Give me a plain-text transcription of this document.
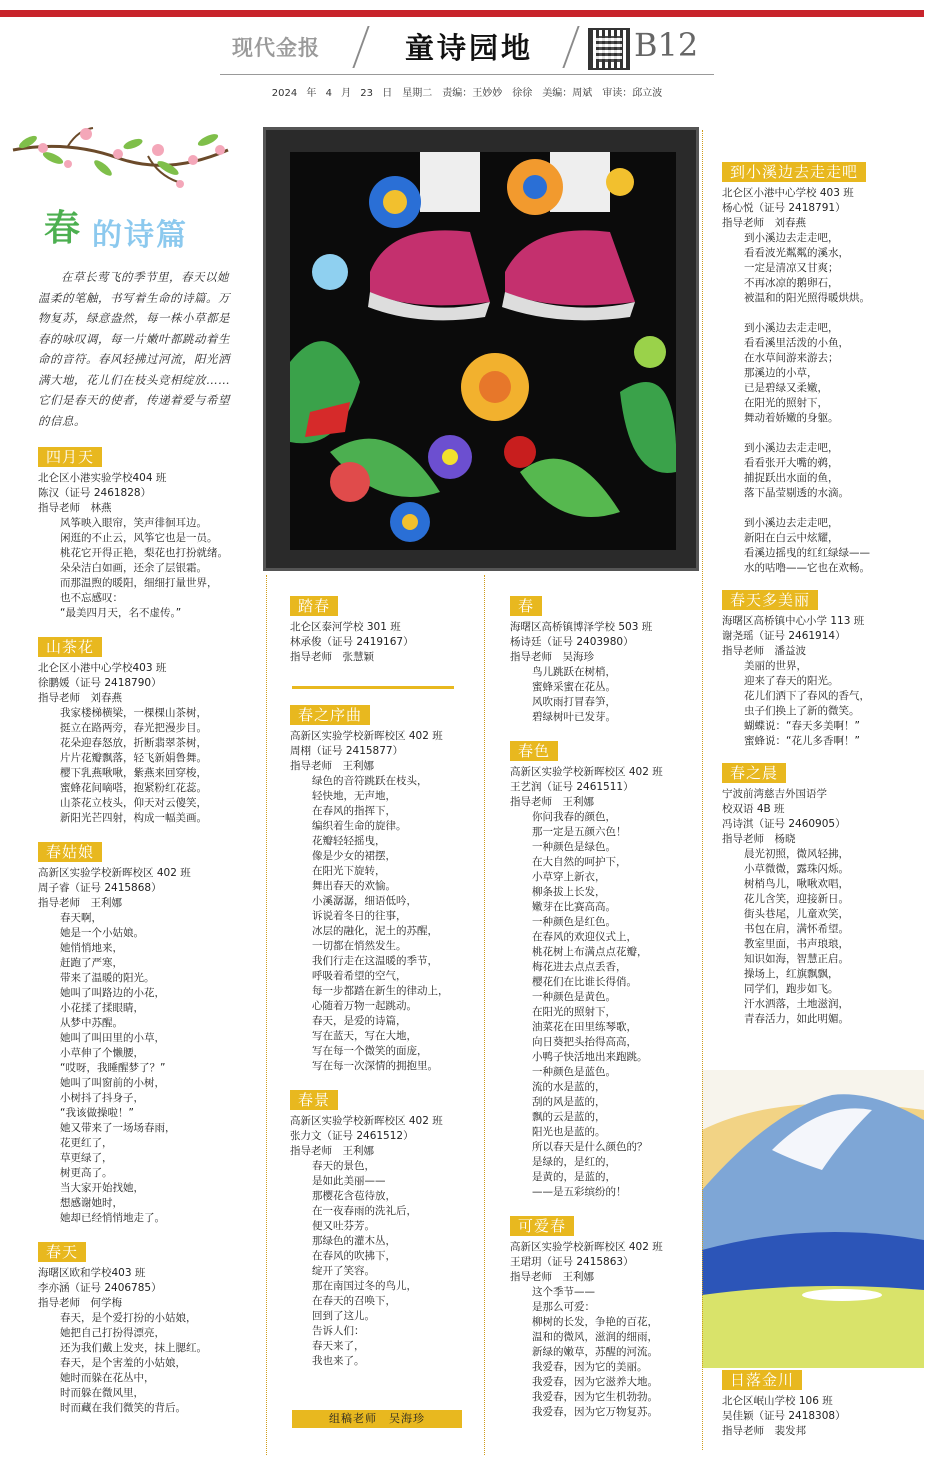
现代金报	童诗园地	B12
2024 年 4 月 23 日　星期二　责编：王妙妙　徐徐　美编：周斌　审读：邱立波
春 的诗篇
在草长莺飞的季节里，春天以她温柔的笔触，书写着生命的诗篇。万物复苏，绿意盎然，每一株小草都是春的咏叹调，每一片嫩叶都跳动着生命的音符。春风轻拂过河流，阳光洒满大地，花儿们在枝头竞相绽放……它们是春天的使者，传递着爱与希望的信息。
四月天
北仑区小港实验学校404 班
陈汉（证号 2461828）
指导老师　林燕
风筝映入眼帘，笑声徘徊耳边。
闲逛的不止云，风筝它也是一员。
桃花它开得正艳，梨花也打扮就绪。
朵朵洁白如画，还余了层银霜。
而那温煦的暖阳，细细打量世界，
也不忘感叹：
“最美四月天，名不虚传。”
山茶花
北仑区小港中心学校403 班
徐鹏媛（证号 2418790）
指导老师　刘春燕
我家楼梯横梁，一棵棵山茶树，
挺立在路两旁，春光把漫步目。
花朵迎春怒放，折断翡翠茶树，
片片花瓣飘落，轻飞新娟鲁舞。
樱下乳燕啾啾，紫燕来回穿梭，
蜜蜂花间嘀嗒，抱紧粉红花蕊。
山茶花立枝头，仰天对云傻笑，
新阳光芒四射，构成一幅美画。
春姑娘
高新区实验学校新晖校区 402 班
周子睿（证号 2415868）
指导老师　王利娜
春天啊，
她是一个小姑娘。
她悄悄地来，
赶跑了严寒，
带来了温暖的阳光。
她叫了叫路边的小花，
小花揉了揉眼睛，
从梦中苏醒。
她叫了叫田里的小草，
小草伸了个懒腰，
“哎呀，我睡醒梦了？”
她叫了叫窗前的小树，
小树抖了抖身子，
“我该做操啦！”
她又带来了一场场春雨，
花更红了，
草更绿了，
树更高了。
当大家开始找她，
想感谢她时，
她却已经悄悄地走了。
春天
海曙区欧和学校403 班
李亦涵（证号 2406785）
指导老师　何学梅
春天，是个爱打扮的小姑娘，
她把自己打扮得漂亮，
还为我们戴上发夹，抹上腮红。
春天，是个害羞的小姑娘，
她时而躲在花丛中，
时而躲在微风里，
时而藏在我们微笑的背后。
踏春
北仑区泰河学校 301 班
林承俊（证号 2419167）
指导老师　张慧颖
春之序曲
高新区实验学校新晖校区 402 班
周栩（证号 2415877）
指导老师　王利娜
绿色的音符跳跃在枝头，
轻快地，无声地，
在春风的指挥下，
编织着生命的旋律。
花瓣轻轻摇曳，
像是少女的裙摆，
在阳光下旋转，
舞出春天的欢愉。
小溪潺潺，细语低吟，
诉说着冬日的往事，
冰层的融化，泥土的苏醒，
一切都在悄然发生。
我们行走在这温暖的季节，
呼吸着希望的空气，
每一步都踏在新生的律动上，
心随着万物一起跳动。
春天，是爱的诗篇，
写在蓝天，写在大地，
写在每一个微笑的面庞，
写在每一次深情的拥抱里。
春景
高新区实验学校新晖校区 402 班
张力文（证号 2461512）
指导老师　王利娜
春天的景色，
是如此美丽——
那樱花含苞待放，
在一夜春雨的洗礼后，
便又吐芬芳。
那绿色的灌木丛，
在春风的吹拂下，
绽开了笑容。
那在南国过冬的鸟儿，
在春天的召唤下，
回到了这儿。
告诉人们：
春天来了，
我也来了。
春
海曙区高桥镇博泽学校 503 班
杨诗廷（证号 2403980）
指导老师　吴海珍
鸟儿跳跃在树梢，
蜜蜂采蜜在花丛。
风吹雨打冒春笋，
碧绿树叶已发芽。
春色
高新区实验学校新晖校区 402 班
王艺润（证号 2461511）
指导老师　王利娜
你问我春的颜色，
那一定是五颜六色！
一种颜色是绿色。
在大自然的呵护下，
小草穿上新衣，
柳条拔上长发，
嫩芽在比赛高高。
一种颜色是红色。
在春风的欢迎仪式上，
桃花树上布满点点花瓣，
梅花进去点点丢香，
樱花们在比谁长得俏。
一种颜色是黄色。
在阳光的照射下，
油菜花在田里练琴歌，
向日葵把头抬得高高，
小鸭子快活地出来跑跳。
一种颜色是蓝色。
流的水是蓝的，
刮的风是蓝的，
飘的云是蓝的，
阳光也是蓝的。
所以春天是什么颜色的？
是绿的，是红的，
是黄的，是蓝的，
——是五彩缤纷的！
可爱春
高新区实验学校新晖校区 402 班
王珺玥（证号 2415863）
指导老师　王利娜
这个季节——
是那么可爱：
柳树的长发，争艳的百花，
温和的微风，滋润的细雨，
新绿的嫩草，苏醒的河流。
我爱春，因为它的美丽。
我爱春，因为它滋养大地。
我爱春，因为它生机勃勃。
我爱春，因为它万物复苏。
到小溪边去走走吧
北仑区小港中心学校 403 班
杨心悦（证号 2418791）
指导老师　刘春燕
到小溪边去走走吧，
看看波光粼粼的溪水，
一定是清凉又甘爽；
不再冰凉的鹅卵石，
被温和的阳光照得暖烘烘。
到小溪边去走走吧，
看看溪里活泼的小鱼，
在水草间游来游去；
那溪边的小草，
已是碧绿又柔嫩，
在阳光的照射下，
舞动着娇嫩的身躯。
到小溪边去走走吧，
看看张开大嘴的鹈，
捕捉跃出水面的鱼，
落下晶莹剔透的水滴。
到小溪边去走走吧，
新阳在白云中炫耀，
看溪边摇曳的红红绿绿——
水的咕噜——它也在欢畅。
春天多美丽
海曙区高桥镇中心小学 113 班
谢尧瑶（证号 2461914）
指导老师　潘益波
美丽的世界，
迎来了春天的阳光。
花儿们洒下了春风的香气，
虫子们换上了新的微笑。
蝴蝶说：“春天多美啊！”
蜜蜂说：“花儿多香啊！”
春之晨
宁波前湾慈吉外国语学
校双语 4B 班
冯诗淇（证号 2460905）
指导老师　杨晓
晨光初照，微风轻拂，
小草微微，露珠闪烁。
树梢鸟儿，啾啾欢唱，
花儿含笑，迎接新日。
街头巷尾，儿童欢笑，
书包在肩，满怀希望。
教室里面，书声琅琅，
知识如海，智慧正启。
操场上，红旗飘飘，
同学们，跑步如飞。
汗水洒落，土地滋润，
青春活力，如此明媚。
日落金川
北仑区岷山学校 106 班
吴佳颖（证号 2418308）
指导老师　裴发邦
组稿老师　吴海珍
